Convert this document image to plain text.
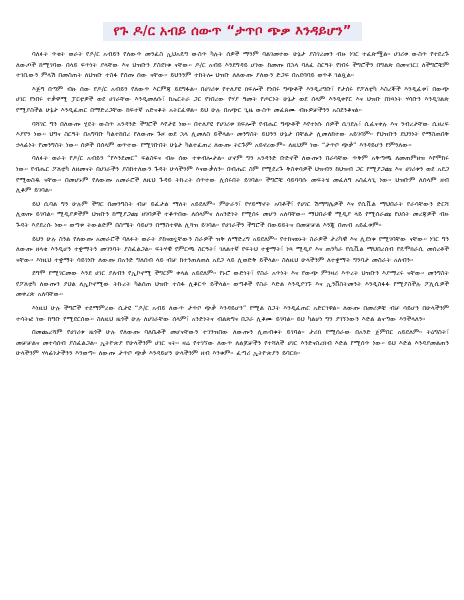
የጉ ዶ/ር አብይ ሰውጥ “ታጥቦ ጭቃ እንዳይሆን”

ባለፉት ጥቂት ወራት የዶ/ር አብይን የለውጥ መንፈስ ኢህአዴግ ውስጥ ካሉት ሰዎች ማንም ባልገመተው ሁኔታ ያስገረመን ብዙ ነገር ተፈጽሟል። ሀገሪቱ ውስጥ የተደረጉ ለውጦች ከሚገባው በላይ ፍጥነት ያላቸው እና ህዝቡን ያስደነቁ ናቸው። ዶ/ር አብይ እንደግዳይ ሆነው ከመጡ በኋላ ባለፈ ስርዓት የነበሩ ችግሮችን በግልጽ በመናገር፤ ለችግሮቹም ተገቢውን ምላሽ በመስጠት ለህዝቡ ተስፋ የሰጡ ሰው ናቸው። ይህንንም ተከትሎ ህዝቡ ለለውጡ ያለውን ድጋፍ በአደባባይ ወጥቶ ገልጿል።

እጅግ በጣም ብዙ ሰው የዶ/ር አብይን የለውጥ እርምጃ ይደግፋል። በሀገሪቱ የተለያዩ ክፍሎች የነበሩ ግጭቶች እንዲረግቡ፣ የታሰሩ የፖለቲካ እስረኞች እንዲፈቱ፣ በውጭ ሀገር የነበሩ ተቃዋሚ ፓርቲዎች ወደ ሀገራቸው እንዲመለሱ፣ ከኤርትራ ጋር የነበረው የሃያ ዓመት የጦርነት ሁኔታ ወደ ሰላም እንዲቀየር እና ህዝቡ በነጻነት ሃሳቡን እንዲገልጽ የሚያስችል ሁኔታ እንዲፈጠር በማድረጋቸው ከፍተኛ አድናቆት አትርፈዋል። ይህ ሁሉ በአጭር ጊዜ ውስጥ መፈጸሙ ብዙዎቻችንን አስደንቆናል።

ባሻገር ግን በለውጡ ሂደት ውስጥ አንዳንድ ችግሮች እየታዩ ነው። በተለያዩ የሀገሪቱ ክፍሎች የብሔር ግጭቶች እየተነሱ ሰዎች ሲገደሉ፣ ሲፈናቀሉ እና ንብረታቸው ሲዘረፍ እያየን ነው። ህግና ስርዓት በአግባቡ ካልተከበረ የለውጡ ጉዞ ወደ ኋላ ሊመለስ ይችላል። መንግስት ይህንን ሁኔታ በቸልታ ሊመለከተው አይገባም። የህዝቡን ደህንነት የማስጠበቅ ኃላፊነት የመንግስት ነው። ሰዎች በሰላም ወጥተው የሚገቡበት ሁኔታ ካልተፈጠረ ለውጡ ትርጉም አይኖረውም። ለዚህም ነው “ታጥቦ ጭቃ” እንዳይሆን የምንለው።

ባለፉት ወራት የዶ/ር አብይን “የእንደመር” ፍልስፍና ብዙ ሰው ተቀብሎታል። ሆኖም ግን አንዳንድ ቡድኖች ለውጡን በራሳቸው ጥቅም አቅጣጫ ለመጠምዘዝ እየሞከሩ ነው። የብሔር ፖለቲካ ለዘመናት በሀገራችን ያስከተለውን ጉዳት ሁላችንም እናውቃለን። በብሔር ስም የሚደረጉ ቅስቀሳዎች ህዝብን ከህዝብ ጋር የሚያጋጩ እና ሀገሪቱን ወደ አደጋ የሚወስዱ ናቸው። በመሆኑም የለውጡ አመራሮች ለዚህ ጉዳይ ትኩረት ሰጥተው ሊሰሩበት ይገባል። ችግሮቹ ሳይባባሱ መፍትሄ መፈለግ አስፈላጊ ነው። ህዝቡም ለሰላም ዘብ ሊቆም ይገባል።

ይህ ሲባል ግን ሁሉም ችግር በመንግስት ብቻ ይፈታል ማለት አይደለም። ምሁራን፣ የሃይማኖት አባቶች፣ የሀገር ሽማግሌዎች እና የሲቪል ማህበራት የራሳቸውን ድርሻ ሊወጡ ይገባል። ሚዲያዎችም ህዝቡን ከሚያጋጩ ዘገባዎች ተቆጥበው ለሰላምና ለአንድነት የሚሰሩ መሆን አለባቸው። ማህበራዊ ሚዲያ ላይ የሚሰራጩ የሀሰት መረጃዎች ብዙ ጉዳት እያደረሱ ነው። ወጣቱ ትውልድም በስሜት ሳይሆን በማስተዋል ሊጓዝ ይገባል። የሀገራችን ችግሮች በውይይትና በመቻቻል እንጂ በጠብ አይፈቱም።

ይህን ሁሉ ስንል የለውጡ አመራሮች ባለፉት ወራት ያከናወኗቸውን ስራዎች ዝቅ ለማድረግ አይደለም። የተከናወኑት ስራዎች ታሪካዊ እና ሊደነቁ የሚገባቸው ናቸው። ነገር ግን ለውጡ ዘላቂ እንዲሆን ተቋማትን መገንባት ያስፈልጋል። ፍትሃዊ የምርጫ ስርዓት፣ ገለልተኛ የፍትህ ተቋማት፣ ነጻ ሚዲያ እና ጠንካራ የሲቪል ማህበረሰብ የዴሞክራሲ መሰረቶች ናቸው። እነዚህ ተቋማት ሳይገነቡ ለውጡ በአንድ ግለሰብ ላይ ብቻ ከተንጠለጠለ አደጋ ላይ ሊወድቅ ይችላል። ስለዚህ ሁላችንም ለተቋማት ግንባታ መስራት አለብን።

ደግሞ የሚገርመው እንደ ሀገር ያለብን የኢኮኖሚ ችግርም ቀላል አይደለም። የኑሮ ውድነት፣ የስራ አጥነት እና የውጭ ምንዛሪ እጥረት ህዝቡን እያማረሩ ናቸው። መንግስት የፖለቲካ ለውጡን ያህል ለኢኮኖሚው ትኩረት ካልሰጠ ህዝቡ ተስፋ ሊቆርጥ ይችላል። ወጣቶች የስራ እድል እንዲያገኙ እና ኢንቨስትመንት እንዲስፋፋ የሚያስችሉ ፖሊሲዎች መቀረጽ አለባቸው።

እነዚህ ሁሉ ችግሮች ተደማምረው ሲታዩ “ዶ/ር አብይ ለውጥ ታጥቦ ጭቃ እንዳይሆን” የሚል ስጋት እንዲፈጠር አድርገዋል። ለውጡ በመሪዎቹ ብቻ ሳይሆን በሁላችንም ተሳትፎ ነው ከግቡ የሚደርሰው። ስለዚህ ዜጎች ሁሉ ለሀገራቸው ሰላም፣ አንድነትና ብልጽግና በጋራ ሊቆሙ ይገባል። ይህ ካልሆነ ግን ያገኘነውን እድል ልናጣው እንችላለን።

በመጨረሻም የሀገሪቱ ዜጎች ሁሉ የለውጡ ባለቤቶች መሆናቸውን ተገንዝበው ለውጡን ሊጠብቁት ይገባል። ታሪክ የሚሰራው በአንድ ጀምበር አይደለም። ትዕግስት፣ መቻቻልና መተሳሰብ ያስፈልጋል። ኢትዮጵያ የሁላችንም ሀገር ናት። ዛሬ የተገኘው ለውጥ ለልጆቻችን የተሻለች ሀገር እንድናስረክብ እድል የሚሰጥ ነው። ይህ እድል እንዳያመልጠን ሁላችንም ሃላፊነታችንን እንወጣ። ለውጡ ታጥቦ ጭቃ እንዳይሆን ሁላችንም ዘብ እንቁም። ፈጣሪ ኢትዮጵያን ይባርክ።
